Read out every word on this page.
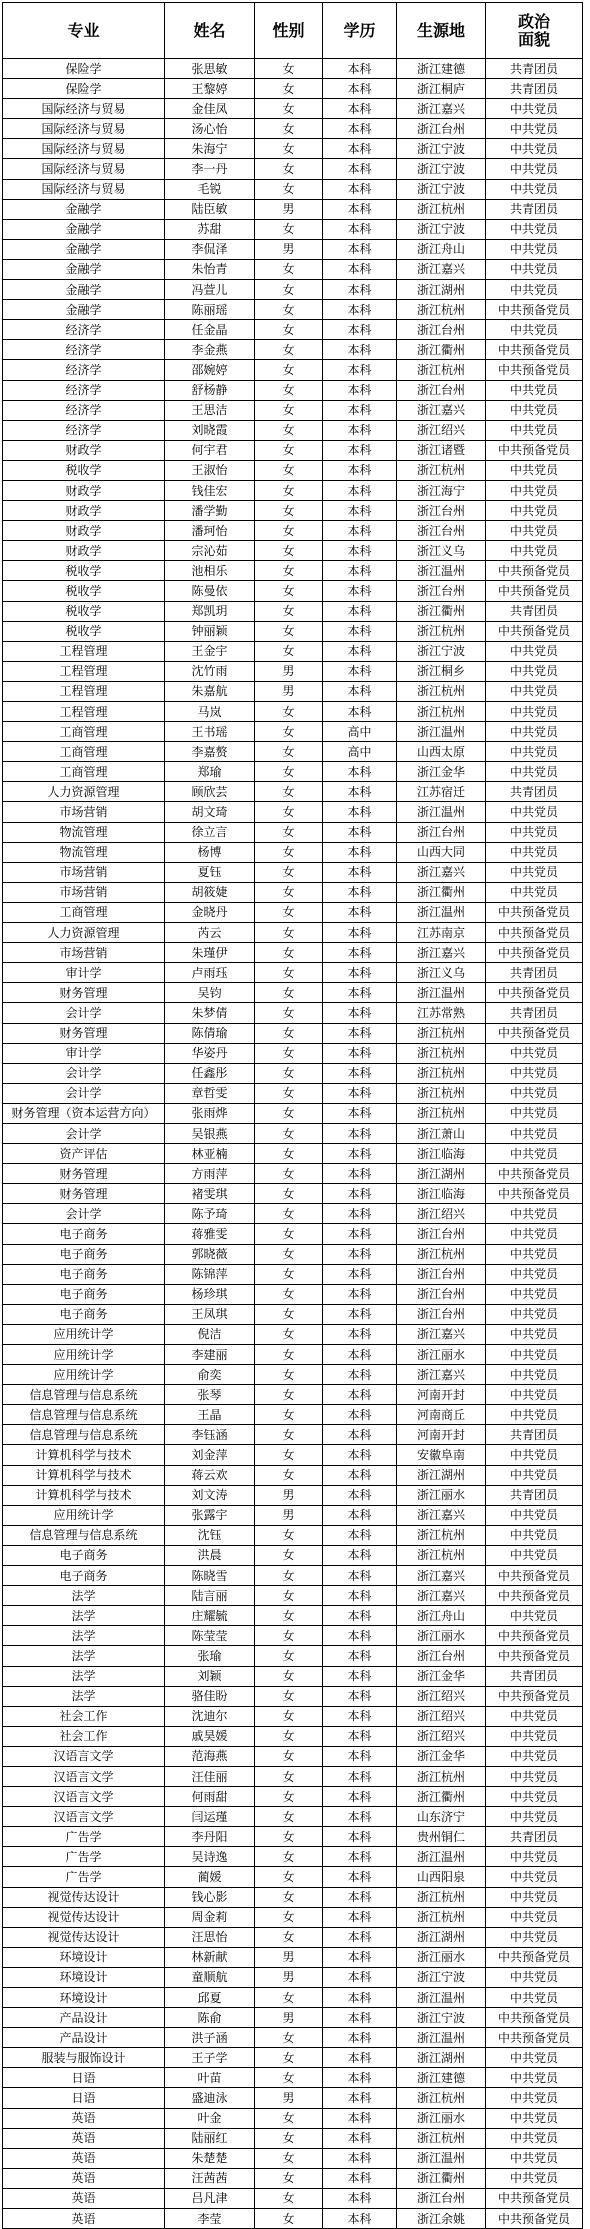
专业	姓名	性别	学历	生源地	政治面貌
保险学	张思敏	女	本科	浙江建德	共青团员
保险学	王黎婷	女	本科	浙江桐庐	共青团员
国际经济与贸易	金佳凤	女	本科	浙江嘉兴	中共党员
国际经济与贸易	汤心怡	女	本科	浙江台州	中共党员
国际经济与贸易	朱海宁	女	本科	浙江宁波	中共党员
国际经济与贸易	李一丹	女	本科	浙江宁波	中共党员
国际经济与贸易	毛锐	女	本科	浙江宁波	中共党员
金融学	陆臣敏	男	本科	浙江杭州	共青团员
金融学	苏甜	女	本科	浙江宁波	中共党员
金融学	李侃泽	男	本科	浙江舟山	中共党员
金融学	朱怡青	女	本科	浙江嘉兴	中共党员
金融学	冯萱儿	女	本科	浙江湖州	中共党员
金融学	陈丽瑶	女	本科	浙江杭州	中共预备党员
经济学	任金晶	女	本科	浙江台州	中共党员
经济学	李金燕	女	本科	浙江衢州	中共预备党员
经济学	邵婉婷	女	本科	浙江杭州	中共预备党员
经济学	舒杨静	女	本科	浙江台州	中共党员
经济学	王思洁	女	本科	浙江嘉兴	中共党员
经济学	刘晓霞	女	本科	浙江绍兴	中共党员
财政学	何宇君	女	本科	浙江诸暨	中共预备党员
税收学	王淑怡	女	本科	浙江杭州	中共党员
财政学	钱佳宏	女	本科	浙江海宁	中共党员
财政学	潘学勤	女	本科	浙江台州	中共党员
财政学	潘珂怡	女	本科	浙江台州	中共党员
财政学	宗沁茹	女	本科	浙江义乌	中共党员
税收学	池相乐	女	本科	浙江温州	中共预备党员
税收学	陈曼依	女	本科	浙江台州	中共预备党员
税收学	郑凯玥	女	本科	浙江衢州	共青团员
税收学	钟丽颖	女	本科	浙江杭州	中共预备党员
工程管理	王金宇	女	本科	浙江宁波	中共党员
工程管理	沈竹雨	男	本科	浙江桐乡	中共党员
工程管理	朱嘉航	男	本科	浙江杭州	中共党员
工程管理	马岚	女	本科	浙江杭州	中共党员
工商管理	王书瑶	女	高中	浙江温州	中共党员
工商管理	李嘉赘	女	高中	山西太原	中共党员
工商管理	郑瑜	女	本科	浙江金华	中共党员
人力资源管理	顾欣芸	女	本科	江苏宿迁	共青团员
市场营销	胡文琦	女	本科	浙江温州	中共党员
物流管理	徐立言	女	本科	浙江台州	中共党员
物流管理	杨博	女	本科	山西大同	中共党员
市场营销	夏钰	女	本科	浙江嘉兴	中共党员
市场营销	胡筱婕	女	本科	浙江衢州	中共党员
工商管理	金晓丹	女	本科	浙江温州	中共预备党员
人力资源管理	芮云	女	本科	江苏南京	中共预备党员
市场营销	朱瑾伊	女	本科	浙江嘉兴	中共预备党员
审计学	卢雨珏	女	本科	浙江义乌	共青团员
财务管理	吴钧	女	本科	浙江温州	中共预备党员
会计学	朱梦倩	女	本科	江苏常熟	共青团员
财务管理	陈倩瑜	女	本科	浙江杭州	中共预备党员
审计学	华姿丹	女	本科	浙江杭州	中共党员
会计学	任鑫彤	女	本科	浙江杭州	中共党员
会计学	章哲雯	女	本科	浙江杭州	中共党员
财务管理（资本运营方向）	张雨烨	女	本科	浙江杭州	中共党员
会计学	吴银燕	女	本科	浙江萧山	中共党员
资产评估	林亚楠	女	本科	浙江临海	中共党员
财务管理	方雨萍	女	本科	浙江湖州	中共预备党员
财务管理	褚雯琪	女	本科	浙江临海	中共预备党员
会计学	陈予琦	女	本科	浙江绍兴	中共党员
电子商务	蒋雅雯	女	本科	浙江台州	中共党员
电子商务	郭晓薇	女	本科	浙江杭州	中共党员
电子商务	陈锦萍	女	本科	浙江台州	中共党员
电子商务	杨珍琪	女	本科	浙江台州	中共党员
电子商务	王凤琪	女	本科	浙江台州	中共党员
应用统计学	倪洁	女	本科	浙江嘉兴	中共党员
应用统计学	李建丽	女	本科	浙江丽水	中共党员
应用统计学	俞奕	女	本科	浙江嘉兴	中共党员
信息管理与信息系统	张琴	女	本科	河南开封	中共党员
信息管理与信息系统	王晶	女	本科	河南商丘	中共党员
信息管理与信息系统	李钰涵	女	本科	河南开封	共青团员
计算机科学与技术	刘金萍	女	本科	安徽阜南	中共党员
计算机科学与技术	蒋云欢	女	本科	浙江湖州	中共党员
计算机科学与技术	刘文涛	男	本科	浙江丽水	共青团员
应用统计学	张露宇	男	本科	浙江嘉兴	中共党员
信息管理与信息系统	沈钰	女	本科	浙江杭州	中共党员
电子商务	洪晨	女	本科	浙江杭州	中共党员
电子商务	陈晓雪	女	本科	浙江嘉兴	中共预备党员
法学	陆言丽	女	本科	浙江嘉兴	中共预备党员
法学	庄耀毓	女	本科	浙江舟山	中共党员
法学	陈莹莹	女	本科	浙江丽水	中共预备党员
法学	张瑜	女	本科	浙江台州	中共预备党员
法学	刘颖	女	本科	浙江金华	共青团员
法学	骆佳盼	女	本科	浙江绍兴	中共预备党员
社会工作	沈迪尔	女	本科	浙江绍兴	中共党员
社会工作	戚昊媛	女	本科	浙江绍兴	中共党员
汉语言文学	范海燕	女	本科	浙江金华	中共党员
汉语言文学	汪佳丽	女	本科	浙江杭州	中共党员
汉语言文学	何雨甜	女	本科	浙江衢州	中共党员
汉语言文学	闫运瑾	女	本科	山东济宁	中共党员
广告学	李丹阳	女	本科	贵州铜仁	共青团员
广告学	吴诗逸	女	本科	浙江温州	中共党员
广告学	蔺媛	女	本科	山西阳泉	中共党员
视觉传达设计	钱心影	女	本科	浙江杭州	中共党员
视觉传达设计	周金莉	女	本科	浙江杭州	中共党员
视觉传达设计	汪思怡	女	本科	浙江湖州	中共党员
环境设计	林新献	男	本科	浙江丽水	中共预备党员
环境设计	童顺航	男	本科	浙江宁波	中共党员
环境设计	邱夏	女	本科	浙江温州	中共党员
产品设计	陈俞	男	本科	浙江宁波	中共预备党员
产品设计	洪子涵	女	本科	浙江温州	中共预备党员
服装与服饰设计	王子学	女	本科	浙江湖州	中共党员
日语	叶苗	女	本科	浙江建德	中共党员
日语	盛迪泳	男	本科	浙江杭州	中共党员
英语	叶金	女	本科	浙江丽水	中共党员
英语	陆丽红	女	本科	浙江杭州	中共党员
英语	朱楚楚	女	本科	浙江温州	中共党员
英语	汪茜茜	女	本科	浙江衢州	中共党员
英语	吕凡津	女	本科	浙江台州	中共预备党员
英语	李莹	女	本科	浙江余姚	中共预备党员
